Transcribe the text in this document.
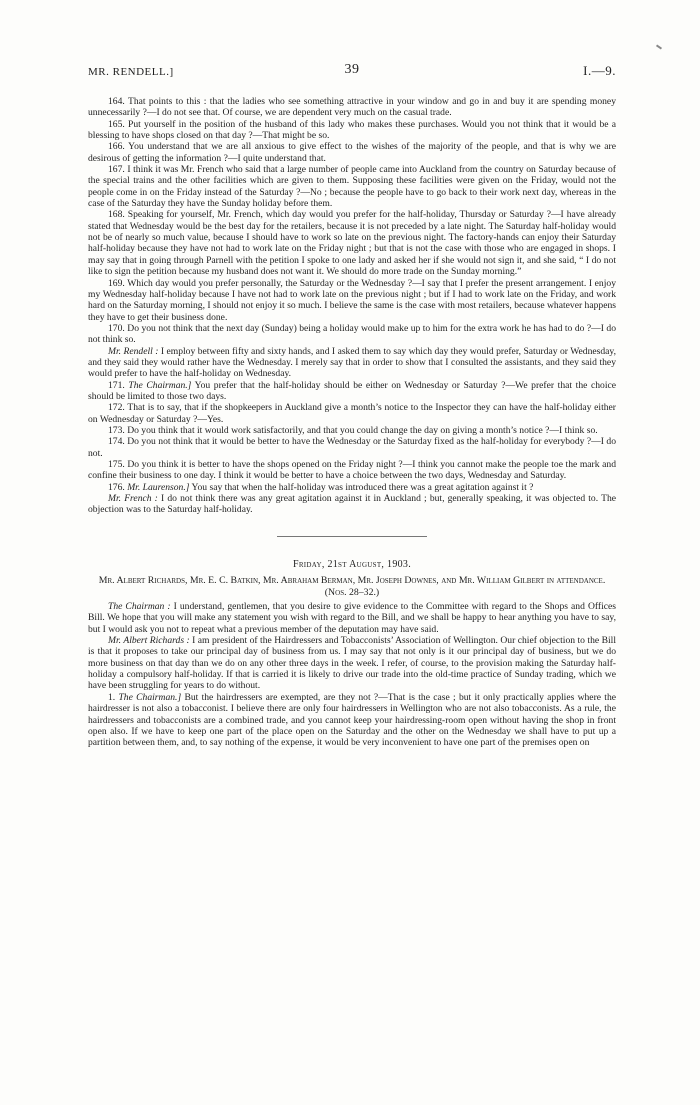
MR. RENDELL.]	39	I.—9.

164. That points to this : that the ladies who see something attractive in your window and go in and buy it are spending money unnecessarily ?—I do not see that. Of course, we are dependent very much on the casual trade.

165. Put yourself in the position of the husband of this lady who makes these purchases. Would you not think that it would be a blessing to have shops closed on that day ?—That might be so.

166. You understand that we are all anxious to give effect to the wishes of the majority of the people, and that is why we are desirous of getting the information ?—I quite understand that.

167. I think it was Mr. French who said that a large number of people came into Auckland from the country on Saturday because of the special trains and the other facilities which are given to them. Supposing these facilities were given on the Friday, would not the people come in on the Friday instead of the Saturday ?—No ; because the people have to go back to their work next day, whereas in the case of the Saturday they have the Sunday holiday before them.

168. Speaking for yourself, Mr. French, which day would you prefer for the half-holiday, Thursday or Saturday ?—I have already stated that Wednesday would be the best day for the retailers, because it is not preceded by a late night. The Saturday half-holiday would not be of nearly so much value, because I should have to work so late on the previous night. The factory-hands can enjoy their Saturday half-holiday because they have not had to work late on the Friday night ; but that is not the case with those who are engaged in shops. I may say that in going through Parnell with the petition I spoke to one lady and asked her if she would not sign it, and she said, “ I do not like to sign the petition because my husband does not want it. We should do more trade on the Sunday morning.”

169. Which day would you prefer personally, the Saturday or the Wednesday ?—I say that I prefer the present arrangement. I enjoy my Wednesday half-holiday because I have not had to work late on the previous night ; but if I had to work late on the Friday, and work hard on the Saturday morning, I should not enjoy it so much. I believe the same is the case with most retailers, because whatever happens they have to get their business done.

170. Do you not think that the next day (Sunday) being a holiday would make up to him for the extra work he has had to do ?—I do not think so.

Mr. Rendell : I employ between fifty and sixty hands, and I asked them to say which day they would prefer, Saturday or Wednesday, and they said they would rather have the Wednesday. I merely say that in order to show that I consulted the assistants, and they said they would prefer to have the half-holiday on Wednesday.

171. The Chairman.] You prefer that the half-holiday should be either on Wednesday or Saturday ?—We prefer that the choice should be limited to those two days.

172. That is to say, that if the shopkeepers in Auckland give a month’s notice to the Inspector they can have the half-holiday either on Wednesday or Saturday ?—Yes.

173. Do you think that it would work satisfactorily, and that you could change the day on giving a month’s notice ?—I think so.

174. Do you not think that it would be better to have the Wednesday or the Saturday fixed as the half-holiday for everybody ?—I do not.

175. Do you think it is better to have the shops opened on the Friday night ?—I think you cannot make the people toe the mark and confine their business to one day. I think it would be better to have a choice between the two days, Wednesday and Saturday.

176. Mr. Laurenson.] You say that when the half-holiday was introduced there was a great agitation against it ?

Mr. French : I do not think there was any great agitation against it in Auckland ; but, generally speaking, it was objected to. The objection was to the Saturday half-holiday.

Friday, 21st August, 1903.
Mr. Albert Richards, Mr. E. C. Batkin, Mr. Abraham Berman, Mr. Joseph Downes, and Mr. William Gilbert in attendance. (Nos. 28–32.)

The Chairman : I understand, gentlemen, that you desire to give evidence to the Committee with regard to the Shops and Offices Bill. We hope that you will make any statement you wish with regard to the Bill, and we shall be happy to hear anything you have to say, but I would ask you not to repeat what a previous member of the deputation may have said.

Mr. Albert Richards : I am president of the Hairdressers and Tobacconists’ Association of Wellington. Our chief objection to the Bill is that it proposes to take our principal day of business from us. I may say that not only is it our principal day of business, but we do more business on that day than we do on any other three days in the week. I refer, of course, to the provision making the Saturday half-holiday a compulsory half-holiday. If that is carried it is likely to drive our trade into the old-time practice of Sunday trading, which we have been struggling for years to do without.

1. The Chairman.] But the hairdressers are exempted, are they not ?—That is the case ; but it only practically applies where the hairdresser is not also a tobacconist. I believe there are only four hairdressers in Wellington who are not also tobacconists. As a rule, the hairdressers and tobacconists are a combined trade, and you cannot keep your hairdressing-room open without having the shop in front open also. If we have to keep one part of the place open on the Saturday and the other on the Wednesday we shall have to put up a partition between them, and, to say nothing of the expense, it would be very inconvenient to have one part of the premises open on
